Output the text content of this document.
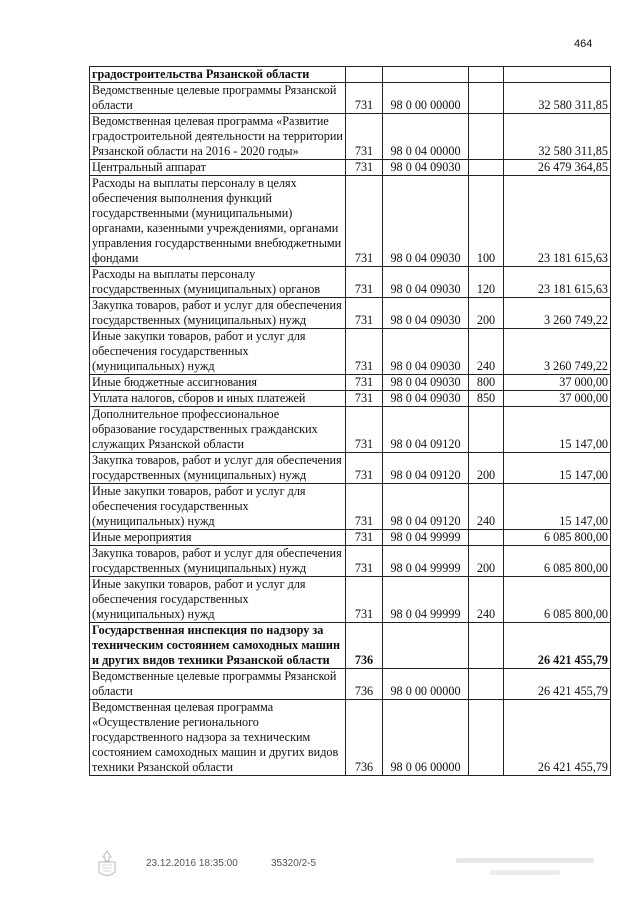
464
градостроительства Рязанской области				
Ведомственные целевые программы Рязанской области	731	98 0 00 00000		32 580 311,85
Ведомственная целевая программа «Развитие градостроительной деятельности на территории Рязанской области на 2016 - 2020 годы»	731	98 0 04 00000		32 580 311,85
Центральный аппарат	731	98 0 04 09030		26 479 364,85
Расходы на выплаты персоналу в целях обеспечения выполнения функций государственными (муниципальными) органами, казенными учреждениями, органами управления государственными внебюджетными фондами	731	98 0 04 09030	100	23 181 615,63
Расходы на выплаты персоналу государственных (муниципальных) органов	731	98 0 04 09030	120	23 181 615,63
Закупка товаров, работ и услуг для обеспечения государственных (муниципальных) нужд	731	98 0 04 09030	200	3 260 749,22
Иные закупки товаров, работ и услуг для обеспечения государственных (муниципальных) нужд	731	98 0 04 09030	240	3 260 749,22
Иные бюджетные ассигнования	731	98 0 04 09030	800	37 000,00
Уплата налогов, сборов и иных платежей	731	98 0 04 09030	850	37 000,00
Дополнительное профессиональное образование государственных гражданских служащих Рязанской области	731	98 0 04 09120		15 147,00
Закупка товаров, работ и услуг для обеспечения государственных (муниципальных) нужд	731	98 0 04 09120	200	15 147,00
Иные закупки товаров, работ и услуг для обеспечения государственных (муниципальных) нужд	731	98 0 04 09120	240	15 147,00
Иные мероприятия	731	98 0 04 99999		6 085 800,00
Закупка товаров, работ и услуг для обеспечения государственных (муниципальных) нужд	731	98 0 04 99999	200	6 085 800,00
Иные закупки товаров, работ и услуг для обеспечения государственных (муниципальных) нужд	731	98 0 04 99999	240	6 085 800,00
Государственная инспекция по надзору за техническим состоянием самоходных машин и других видов техники Рязанской области	736			26 421 455,79
Ведомственные целевые программы Рязанской области	736	98 0 00 00000		26 421 455,79
Ведомственная целевая программа «Осуществление регионального государственного надзора за техническим состоянием самоходных машин и других видов техники Рязанской области	736	98 0 06 00000		26 421 455,79
23.12.2016 18:35:00	35320/2-5
